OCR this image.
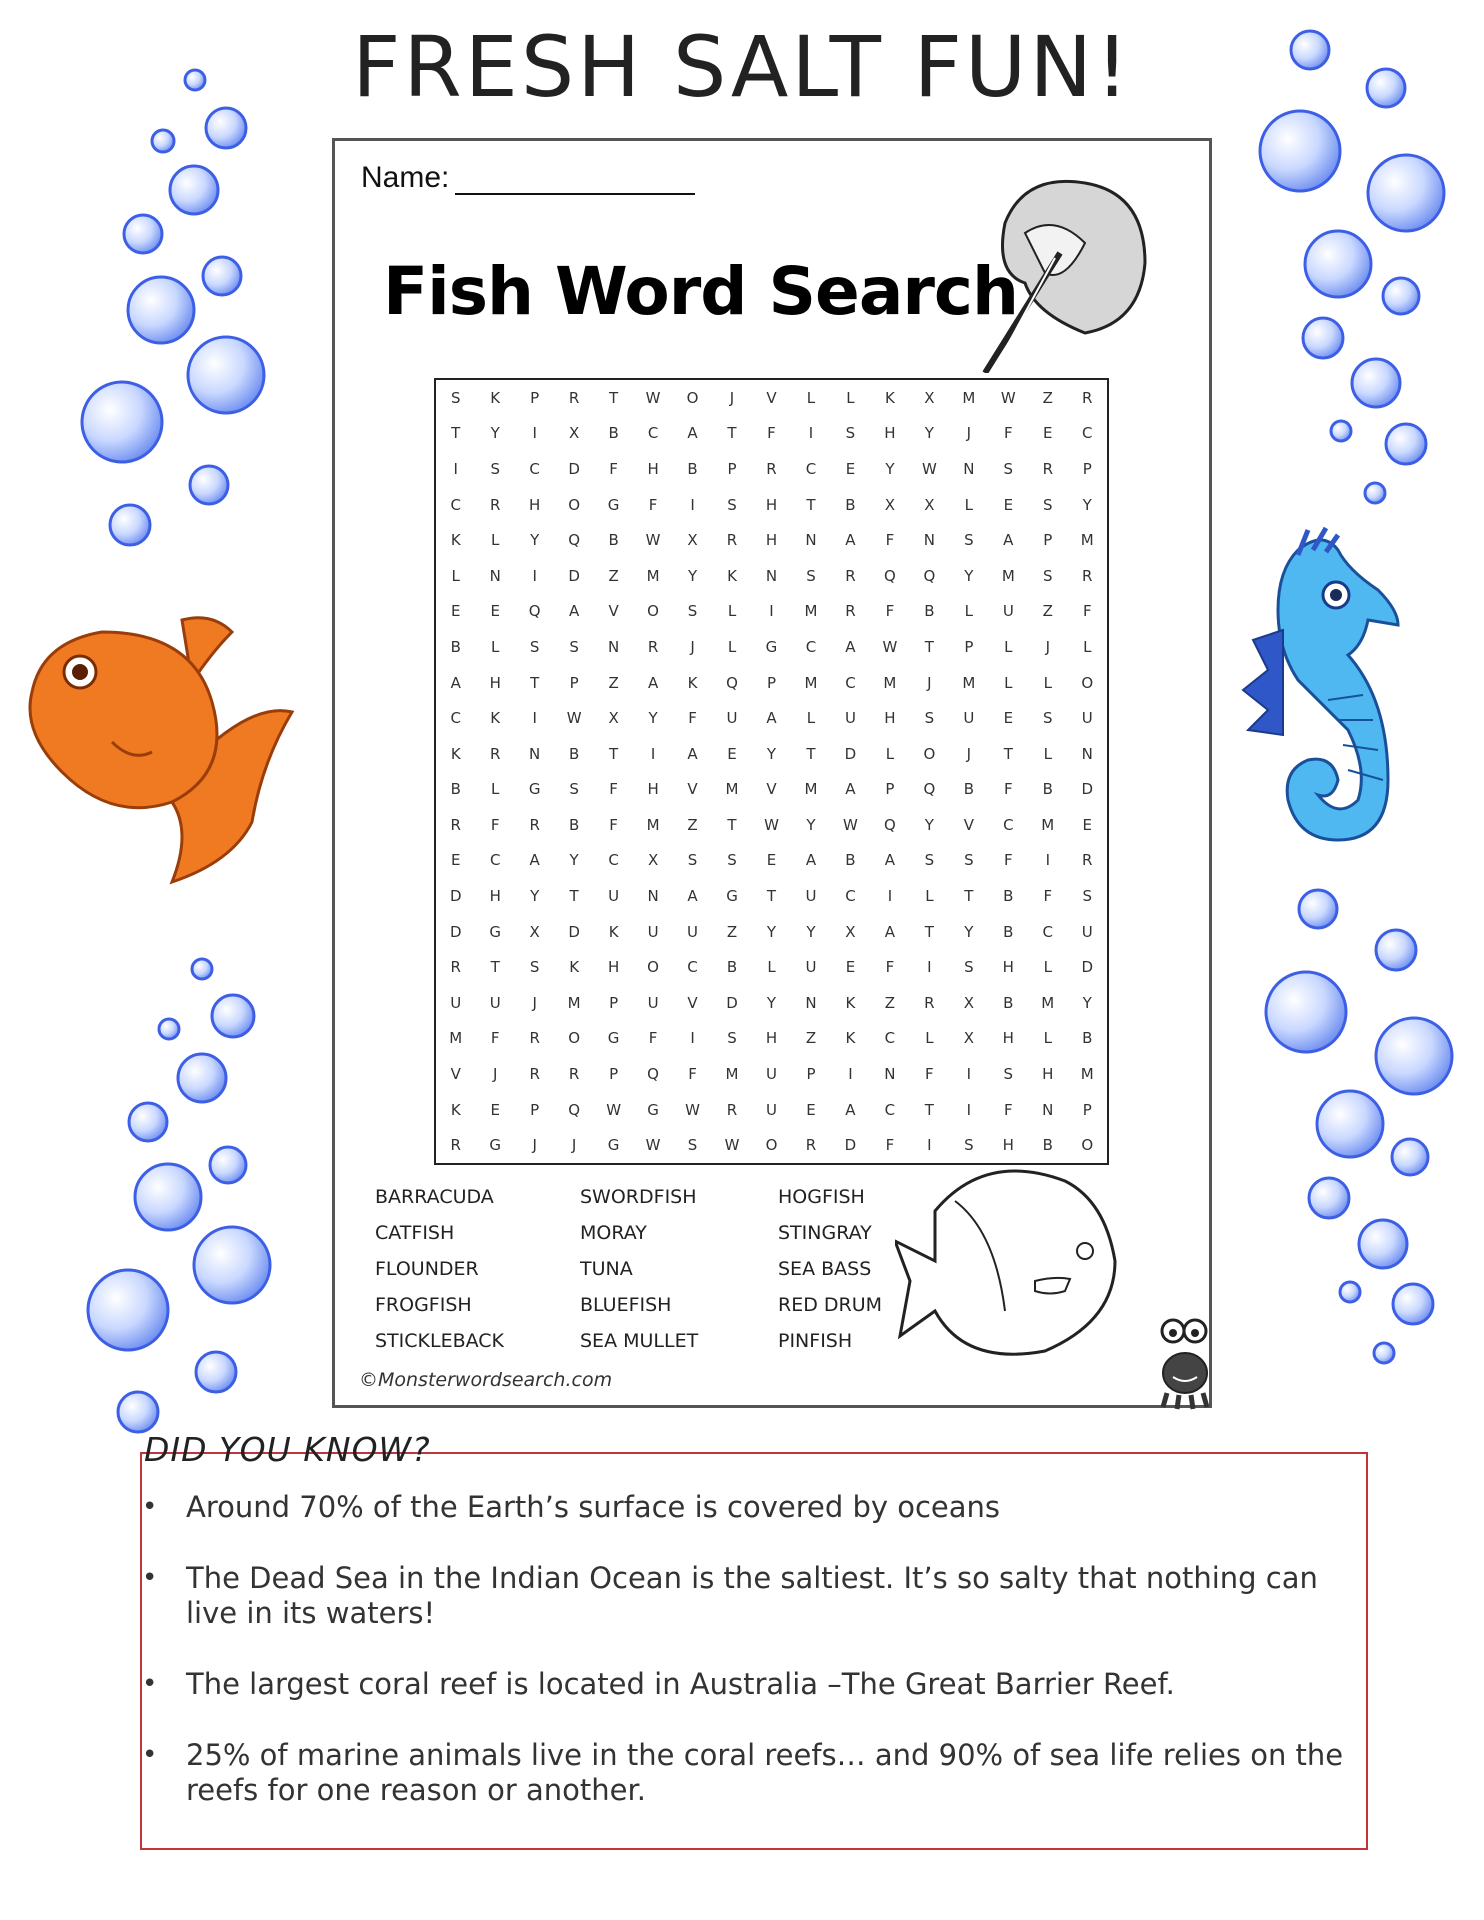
FRESH SALT FUN!
Name:
Fish Word Search
S K P R T W O J V L L K X M W Z R
T Y I X B C A T F I S H Y J F E C
I S C D F H B P R C E Y W N S R P
C R H O G F I S H T B X X L E S Y
K L Y Q B W X R H N A F N S A P M
L N I D Z M Y K N S R Q Q Y M S R
E E Q A V O S L I M R F B L U Z F
B L S S N R J L G C A W T P L J L
A H T P Z A K Q P M C M J M L L O
C K I W X Y F U A L U H S U E S U
K R N B T I A E Y T D L O J T L N
B L G S F H V M V M A P Q B F B D
R F R B F M Z T W Y W Q Y V C M E
E C A Y C X S S E A B A S S F I R
D H Y T U N A G T U C I L T B F S
D G X D K U U Z Y Y X A T Y B C U
R T S K H O C B L U E F I S H L D
U U J M P U V D Y N K Z R X B M Y
M F R O G F I S H Z K C L X H L B
V J R R P Q F M U P I N F I S H M
K E P Q W G W R U E A C T I F N P
R G J J G W S W O R D F I S H B O
BARRACUDA	SWORDFISH	HOGFISH
CATFISH	MORAY	STINGRAY
FLOUNDER	TUNA	SEA BASS
FROGFISH	BLUEFISH	RED DRUM
STICKLEBACK	SEA MULLET	PINFISH
©Monsterwordsearch.com
DID YOU KNOW?
• Around 70% of the Earth’s surface is covered by oceans
• The Dead Sea in the Indian Ocean is the saltiest. It’s so salty that nothing can live in its waters!
• The largest coral reef is located in Australia –The Great Barrier Reef.
• 25% of marine animals live in the coral reefs… and 90% of sea life relies on the reefs for one reason or another.
